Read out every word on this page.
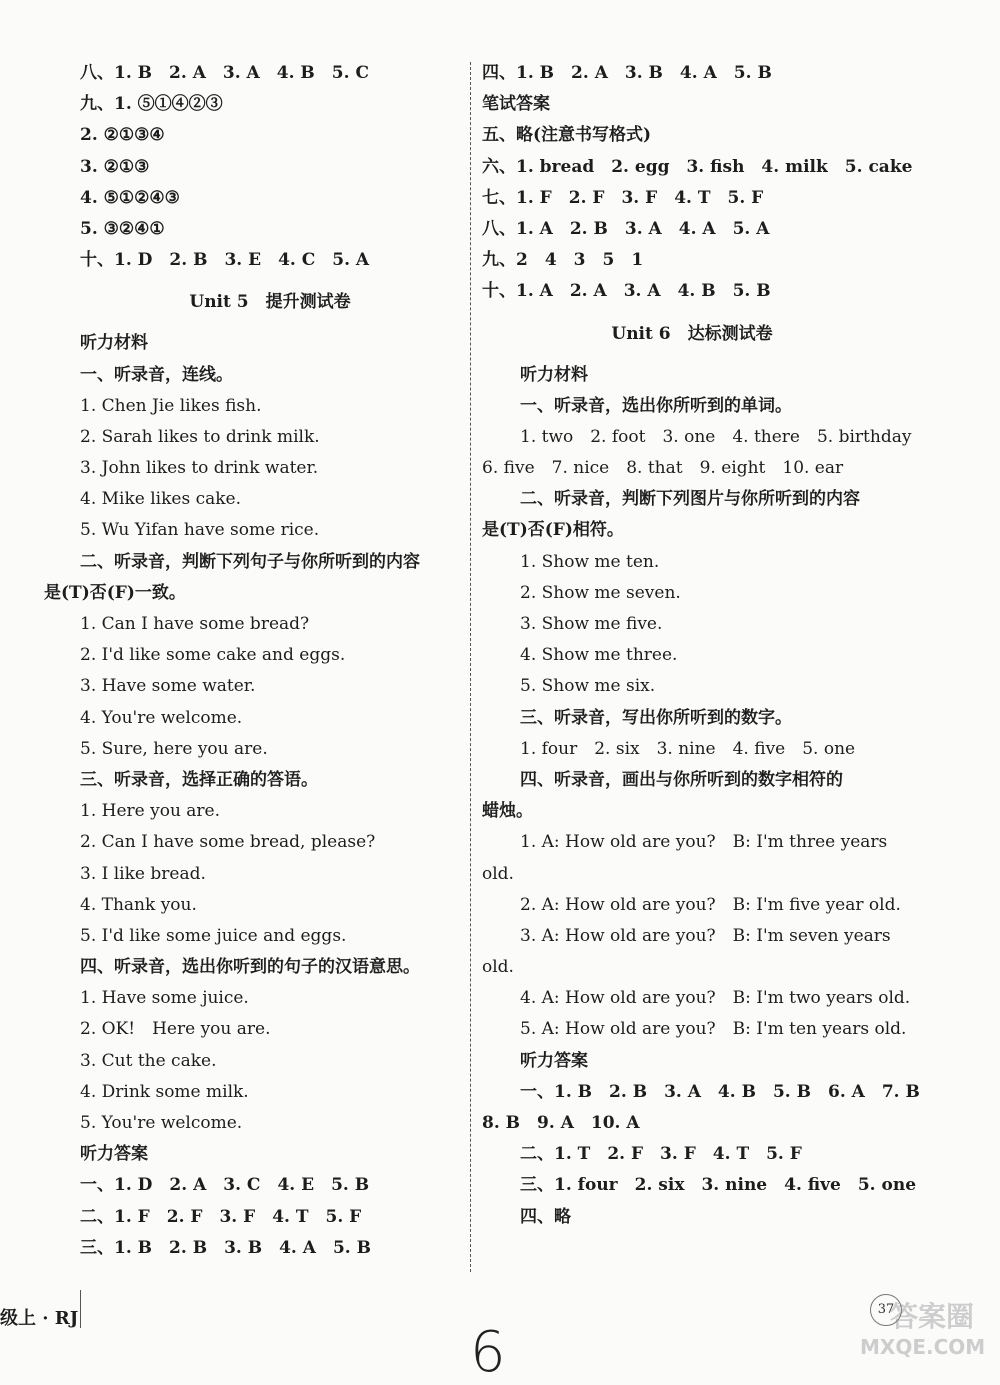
八、1. B　2. A　3. A　4. B　5. C
九、1. ⑤①④②③
2. ②①③④
3. ②①③
4. ⑤①②④③
5. ③②④①
十、1. D　2. B　3. E　4. C　5. A
Unit 5　提升测试卷
听力材料
一、听录音，连线。
1. Chen Jie likes fish.
2. Sarah likes to drink milk.
3. John likes to drink water.
4. Mike likes cake.
5. Wu Yifan have some rice.
二、听录音，判断下列句子与你所听到的内容
是(T)否(F)一致。
1. Can I have some bread?
2. I'd like some cake and eggs.
3. Have some water.
4. You're welcome.
5. Sure, here you are.
三、听录音，选择正确的答语。
1. Here you are.
2. Can I have some bread, please?
3. I like bread.
4. Thank you.
5. I'd like some juice and eggs.
四、听录音，选出你听到的句子的汉语意思。
1. Have some juice.
2. OK!　Here you are.
3. Cut the cake.
4. Drink some milk.
5. You're welcome.
听力答案
一、1. D　2. A　3. C　4. E　5. B
二、1. F　2. F　3. F　4. T　5. F
三、1. B　2. B　3. B　4. A　5. B
四、1. B　2. A　3. B　4. A　5. B
笔试答案
五、略(注意书写格式)
六、1. bread　2. egg　3. fish　4. milk　5. cake
七、1. F　2. F　3. F　4. T　5. F
八、1. A　2. B　3. A　4. A　5. A
九、2　4　3　5　1
十、1. A　2. A　3. A　4. B　5. B
Unit 6　达标测试卷
听力材料
一、听录音，选出你所听到的单词。
1. two　2. foot　3. one　4. there　5. birthday
6. five　7. nice　8. that　9. eight　10. ear
二、听录音，判断下列图片与你所听到的内容
是(T)否(F)相符。
1. Show me ten.
2. Show me seven.
3. Show me five.
4. Show me three.
5. Show me six.
三、听录音，写出你所听到的数字。
1. four　2. six　3. nine　4. five　5. one
四、听录音，画出与你所听到的数字相符的
蜡烛。
1. A: How old are you?　B: I'm three years
old.
2. A: How old are you?　B: I'm five year old.
3. A: How old are you?　B: I'm seven years
old.
4. A: How old are you?　B: I'm two years old.
5. A: How old are you?　B: I'm ten years old.
听力答案
一、1. B　2. B　3. A　4. B　5. B　6. A　7. B
8. B　9. A　10. A
二、1. T　2. F　3. F　4. T　5. F
三、1. four　2. six　3. nine　4. five　5. one
四、略
级上 · RJ
6
37
答案圈
MXQE.COM
